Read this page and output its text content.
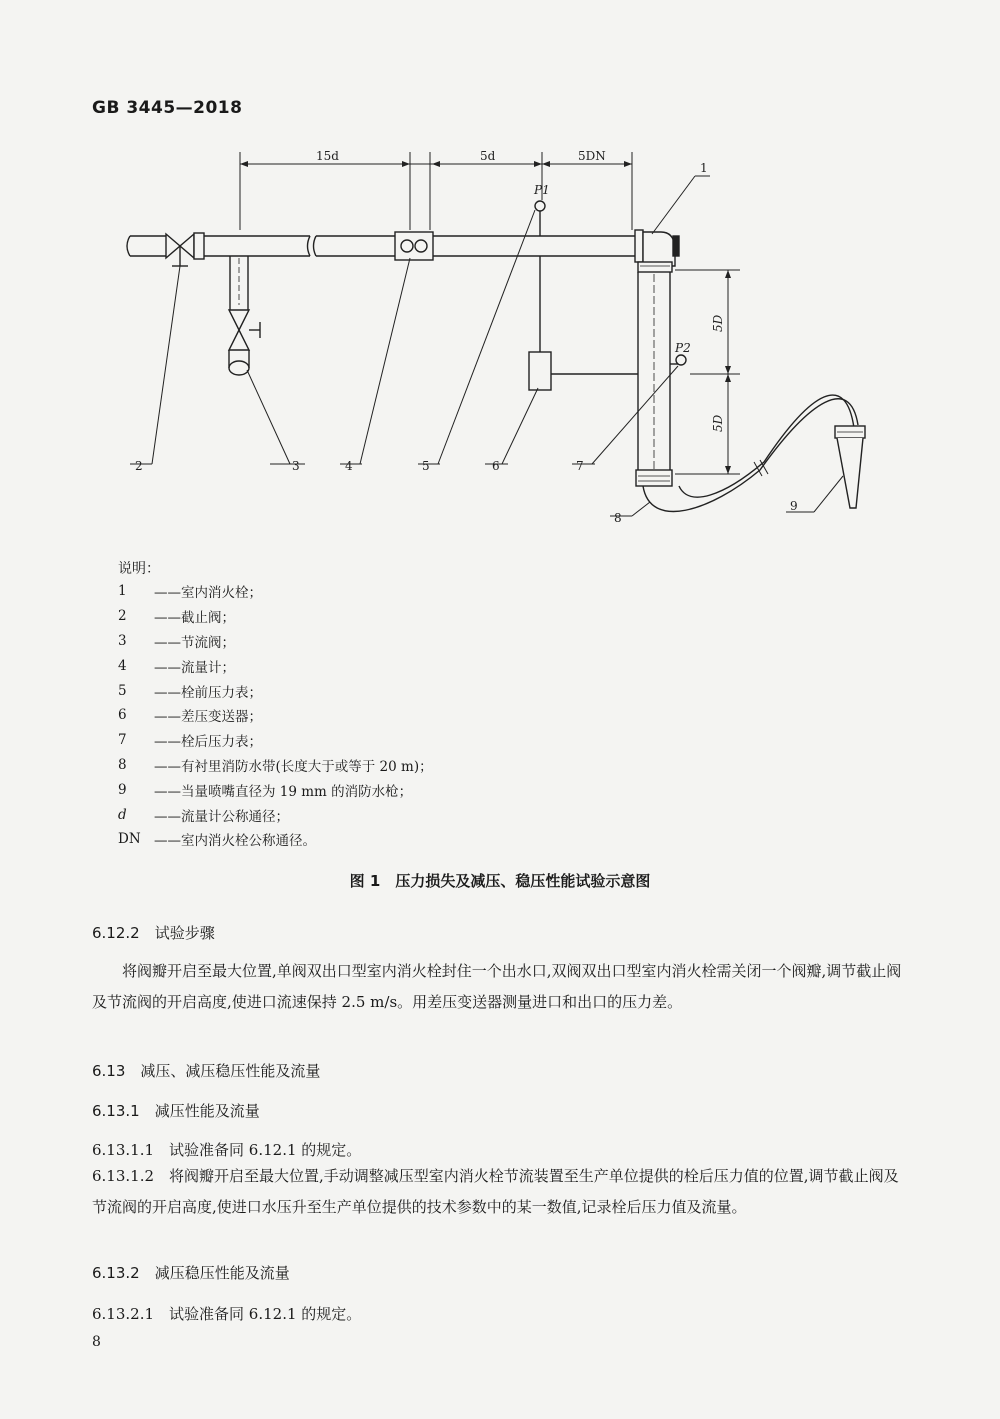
GB 3445—2018
15d	5d	5DN
P1
P2
5D
5D
1
2	3	4	5	6	7
8
9
说明：
1	——室内消火栓；
2	——截止阀；
3	——节流阀；
4	——流量计；
5	——栓前压力表；
6	——差压变送器；
7	——栓后压力表；
8	——有衬里消防水带(长度大于或等于 20 m)；
9	——当量喷嘴直径为 19 mm 的消防水枪；
d	——流量计公称通径；
DN ——室内消火栓公称通径。
图 1　压力损失及减压、稳压性能试验示意图
6.12.2　试验步骤
将阀瓣开启至最大位置,单阀双出口型室内消火栓封住一个出水口,双阀双出口型室内消火栓需关闭一个阀瓣,调节截止阀及节流阀的开启高度,使进口流速保持 2.5 m/s。用差压变送器测量进口和出口的压力差。
6.13　减压、减压稳压性能及流量
6.13.1　减压性能及流量
6.13.1.1　试验准备同 6.12.1 的规定。
6.13.1.2　将阀瓣开启至最大位置,手动调整减压型室内消火栓节流装置至生产单位提供的栓后压力值的位置,调节截止阀及节流阀的开启高度,使进口水压升至生产单位提供的技术参数中的某一数值,记录栓后压力值及流量。
6.13.2　减压稳压性能及流量
6.13.2.1　试验准备同 6.12.1 的规定。
8
